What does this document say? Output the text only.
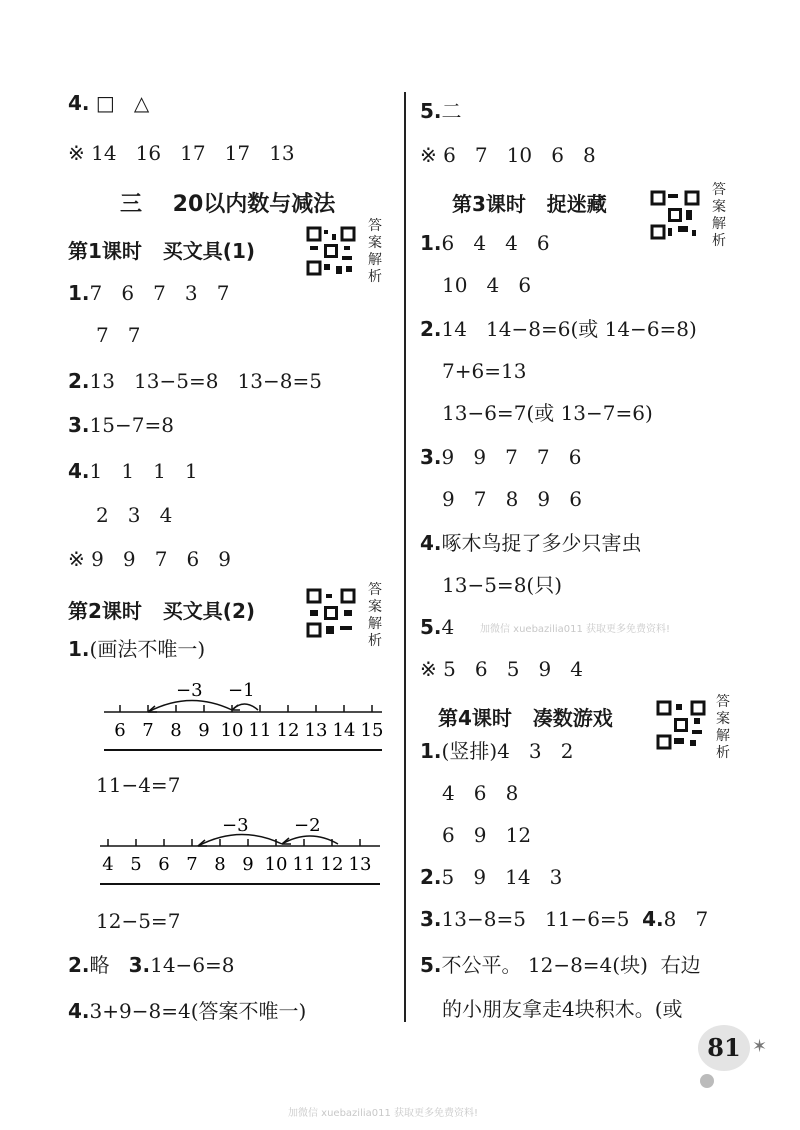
4. □   △
※ 14   16   17   17   13
三    20以内数与减法
第1课时   买文具(1)
答
案
解
析
1.7   6   7   3   7
7   7
2.13   13−5=8   13−8=5
3.15−7=8
4.1   1   1   1
2   3   4
※ 9   9   7   6   9
第2课时   买文具(2)
答
案
解
析
1.(画法不唯一)
−3 −1
6 7 8 9 10 11 12 13 14 15
11−4=7
−3	−2
4 5 6 7 8 9 10 11 12 13
12−5=7
2.略 3.14−6=8
4.3+9−8=4(答案不唯一)
5.二
※ 6   7   10   6   8
第3课时   捉迷藏
答
案
解
析
1.6   4   4   6
10   4   6
2.14   14−8=6(或 14−6=8)
7+6=13
13−6=7(或 13−7=6)
3.9   9   7   7   6
9   7   8   9   6
4.啄木鸟捉了多少只害虫
13−5=8(只)
5.4	加微信 xuebazilia011 获取更多免费资料!
※ 5   6   5   9   4
第4课时   凑数游戏
答
案
解
析
1.(竖排)4   3   2
4   6   8
6   9   12
2.5   9   14   3
3.13−8=5   11−6=5 4.8   7
5.不公平。 12−8=4(块)  右边
的小朋友拿走4块积木。(或
81 ✶
加微信 xuebazilia011 获取更多免费资料!
